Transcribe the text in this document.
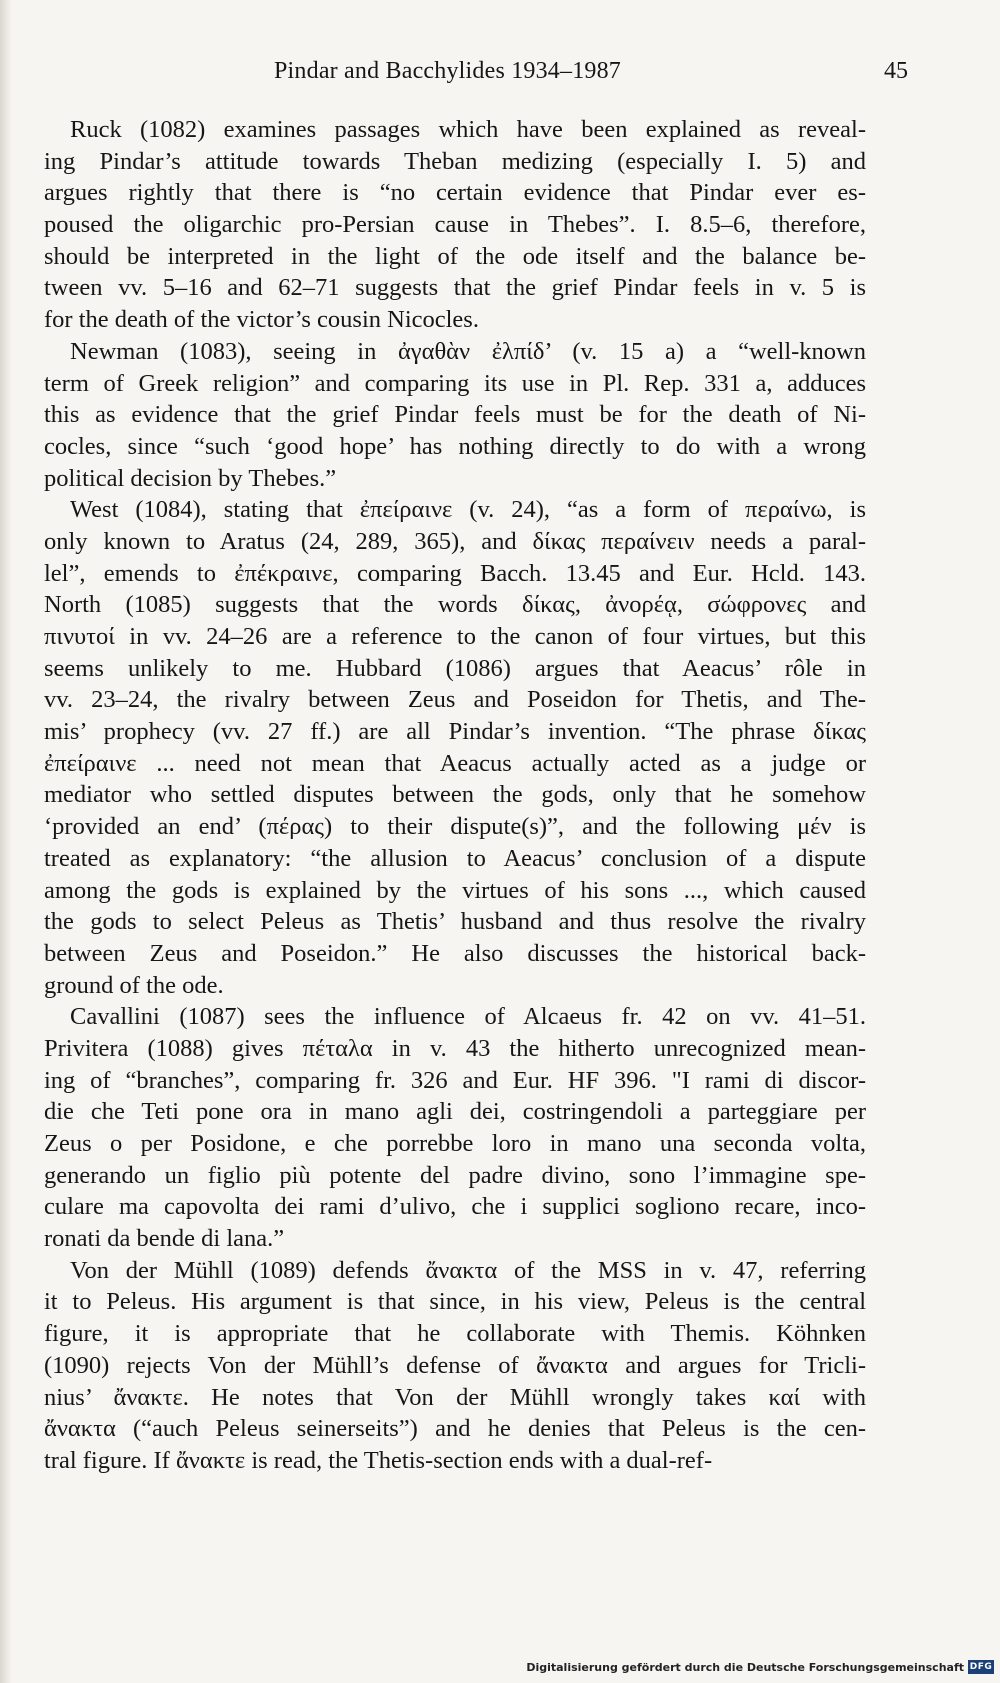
Pindar and Bacchylides 1934–1987	45
Ruck (1082) examines passages which have been explained as reveal-
ing Pindar’s attitude towards Theban medizing (especially I. 5) and
argues rightly that there is “no certain evidence that Pindar ever es-
poused the oligarchic pro-Persian cause in Thebes”. I. 8.5–6, therefore,
should be interpreted in the light of the ode itself and the balance be-
tween vv. 5–16 and 62–71 suggests that the grief Pindar feels in v. 5 is
for the death of the victor’s cousin Nicocles.
Newman (1083), seeing in ἀγαθὰν ἐλπίδ’ (v. 15 a) a “well-known
term of Greek religion” and comparing its use in Pl. Rep. 331 a, adduces
this as evidence that the grief Pindar feels must be for the death of Ni-
cocles, since “such ‘good hope’ has nothing directly to do with a wrong
political decision by Thebes.”
West (1084), stating that ἐπείραινε (v. 24), “as a form of περαίνω, is
only known to Aratus (24, 289, 365), and δίκας περαίνειν needs a paral-
lel”, emends to ἐπέκραινε, comparing Bacch. 13.45 and Eur. Hcld. 143.
North (1085) suggests that the words δίκας, ἀνορέᾳ, σώφρονες and
πινυτοί in vv. 24–26 are a reference to the canon of four virtues, but this
seems unlikely to me. Hubbard (1086) argues that Aeacus’ rôle in
vv. 23–24, the rivalry between Zeus and Poseidon for Thetis, and The-
mis’ prophecy (vv. 27 ff.) are all Pindar’s invention. “The phrase δίκας
ἐπείραινε ... need not mean that Aeacus actually acted as a judge or
mediator who settled disputes between the gods, only that he somehow
‘provided an end’ (πέρας) to their dispute(s)”, and the following μέν is
treated as explanatory: “the allusion to Aeacus’ conclusion of a dispute
among the gods is explained by the virtues of his sons ..., which caused
the gods to select Peleus as Thetis’ husband and thus resolve the rivalry
between Zeus and Poseidon.” He also discusses the historical back-
ground of the ode.
Cavallini (1087) sees the influence of Alcaeus fr. 42 on vv. 41–51.
Privitera (1088) gives πέταλα in v. 43 the hitherto unrecognized mean-
ing of “branches”, comparing fr. 326 and Eur. HF 396. "I rami di discor-
die che Teti pone ora in mano agli dei, costringendoli a parteggiare per
Zeus o per Posidone, e che porrebbe loro in mano una seconda volta,
generando un figlio più potente del padre divino, sono l’immagine spe-
culare ma capovolta dei rami d’ulivo, che i supplici sogliono recare, inco-
ronati da bende di lana.”
Von der Mühll (1089) defends ἄνακτα of the MSS in v. 47, referring
it to Peleus. His argument is that since, in his view, Peleus is the central
figure, it is appropriate that he collaborate with Themis. Köhnken
(1090) rejects Von der Mühll’s defense of ἄνακτα and argues for Tricli-
nius’ ἄνακτε. He notes that Von der Mühll wrongly takes καί with
ἄνακτα (“auch Peleus seinerseits”) and he denies that Peleus is the cen-
tral figure. If ἄνακτε is read, the Thetis-section ends with a dual-ref-
Digitalisierung gefördert durch die Deutsche Forschungsgemeinschaft DFG
